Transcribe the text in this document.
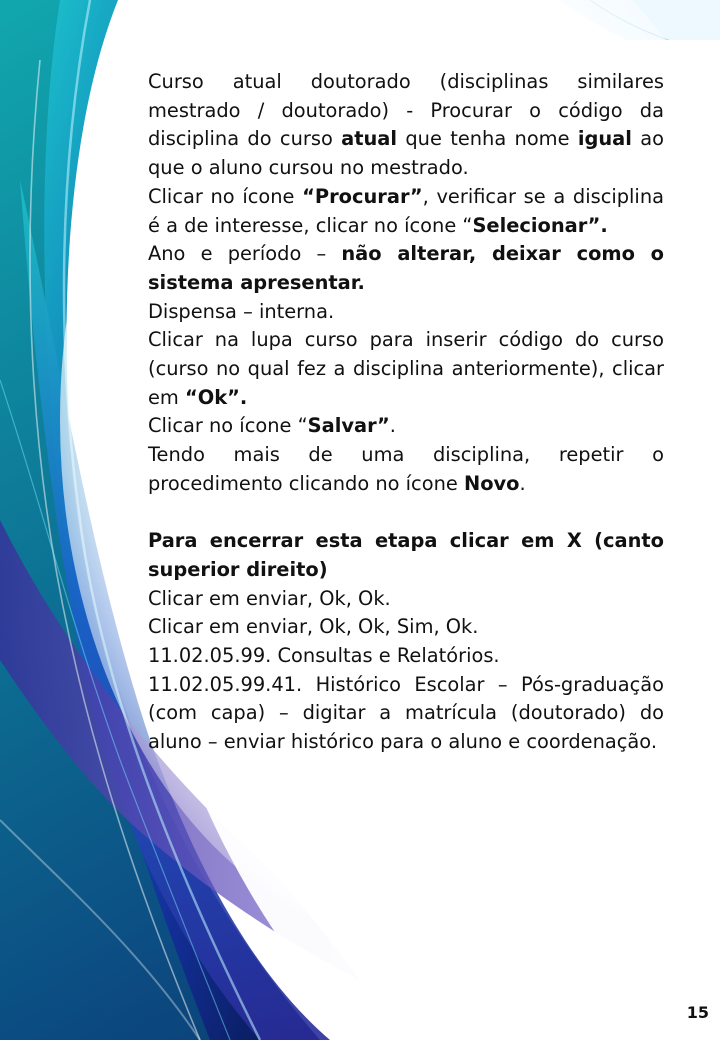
Curso atual doutorado (disciplinas similares mestrado / doutorado) - Procurar o código da disciplina do curso atual que tenha nome igual ao que o aluno cursou no mestrado.

Clicar no ícone “Procurar”, verificar se a disciplina é a de interesse, clicar no ícone “Selecionar”.

Ano e período – não alterar, deixar como o sistema apresentar.

Dispensa – interna.

Clicar na lupa curso para inserir código do curso (curso no qual fez a disciplina anteriormente), clicar em “Ok”.

Clicar no ícone “Salvar”.

Tendo mais de uma disciplina, repetir o procedimento clicando no ícone Novo.

Para encerrar esta etapa clicar em X (canto superior direito)

Clicar em enviar, Ok, Ok.

Clicar em enviar, Ok, Ok, Sim, Ok.

11.02.05.99. Consultas e Relatórios.

11.02.05.99.41. Histórico Escolar – Pós-graduação (com capa) – digitar a matrícula (doutorado) do aluno – enviar histórico para o aluno e coordenação.

15
